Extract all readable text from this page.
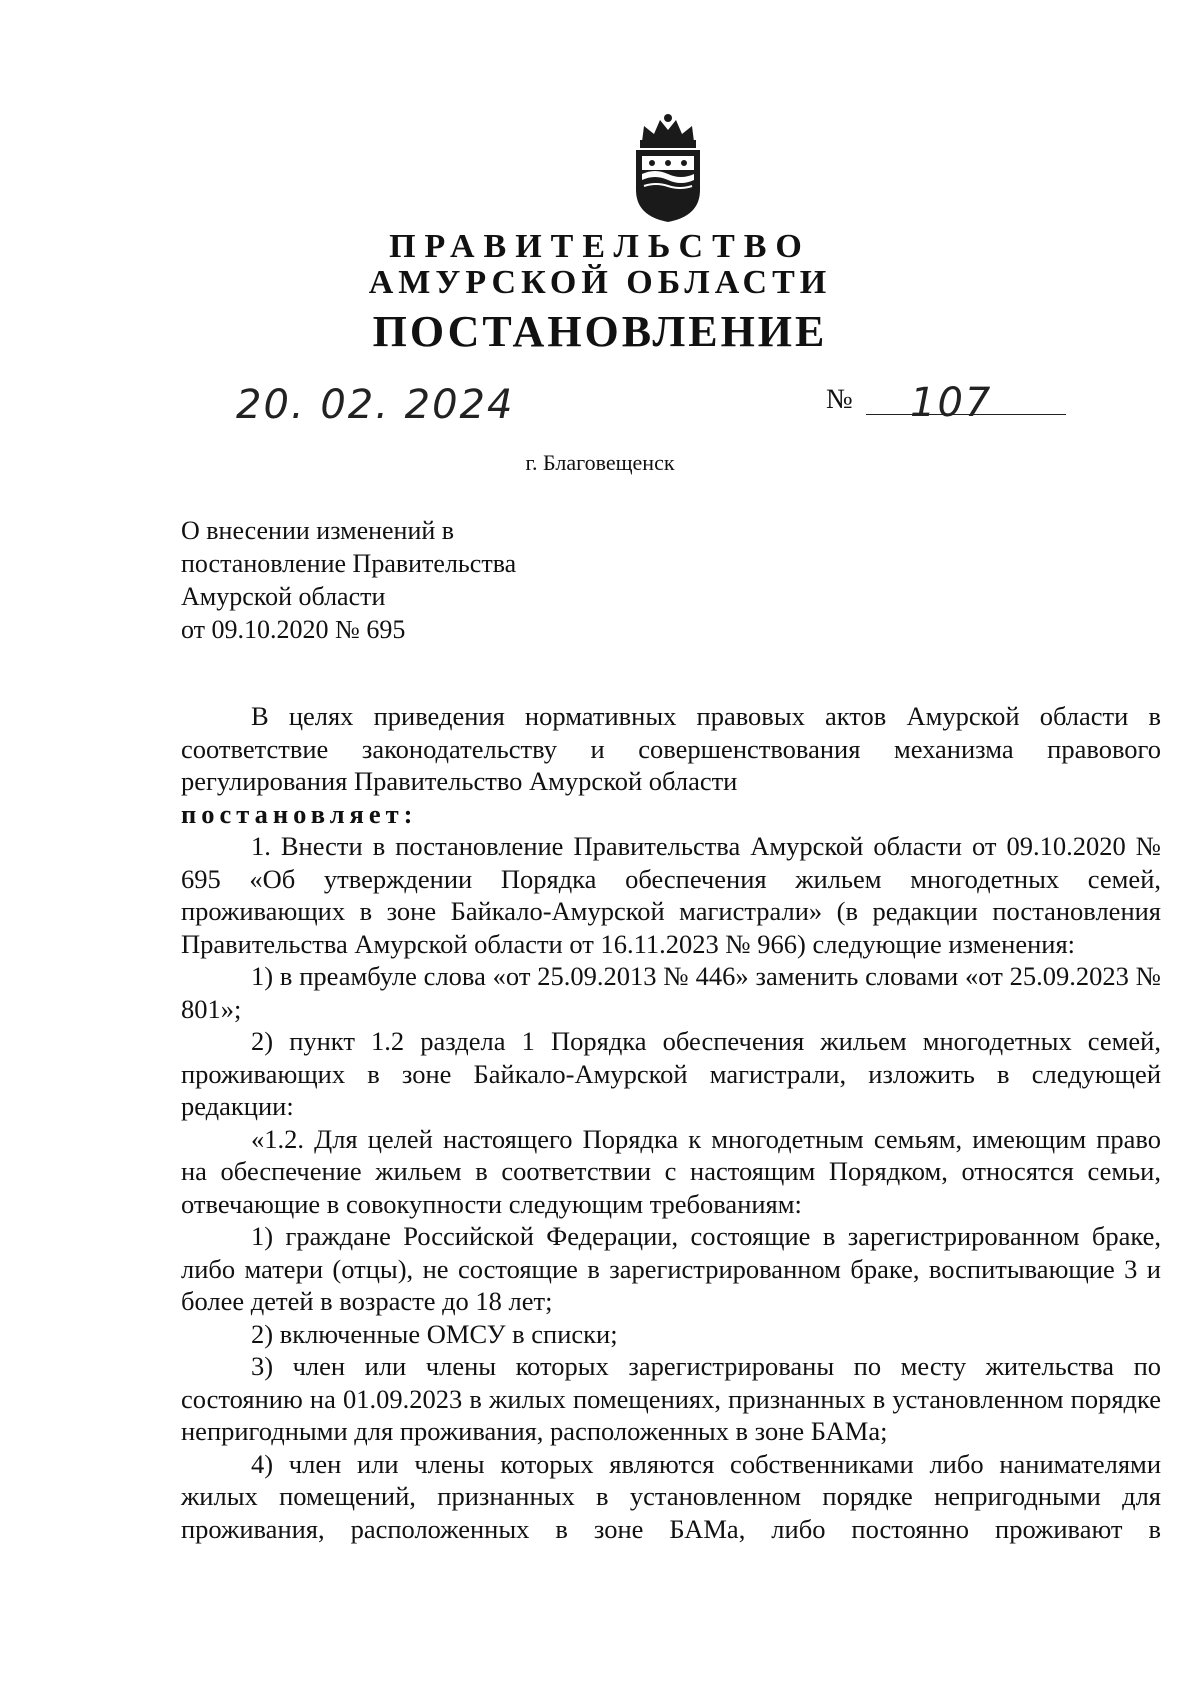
ПРАВИТЕЛЬСТВО
АМУРСКОЙ ОБЛАСТИ
ПОСТАНОВЛЕНИЕ
20. 02. 2024	№ 107
г. Благовещенск
О внесении изменений в
постановление Правительства
Амурской области
от 09.10.2020 № 695

В целях приведения нормативных правовых актов Амурской области в соответствие законодательству и совершенствования механизма правового регулирования Правительство Амурской области

постановляет:

1. Внести в постановление Правительства Амурской области от 09.10.2020 № 695 «Об утверждении Порядка обеспечения жильем многодетных семей, проживающих в зоне Байкало-Амурской магистрали» (в редакции постановления Правительства Амурской области от 16.11.2023 № 966) следующие изменения:

1) в преамбуле слова «от 25.09.2013 № 446» заменить словами «от 25.09.2023 № 801»;

2) пункт 1.2 раздела 1 Порядка обеспечения жильем многодетных семей, проживающих в зоне Байкало-Амурской магистрали, изложить в следующей редакции:

«1.2. Для целей настоящего Порядка к многодетным семьям, имеющим право на обеспечение жильем в соответствии с настоящим Порядком, относятся семьи, отвечающие в совокупности следующим требованиям:

1) граждане Российской Федерации, состоящие в зарегистрированном браке, либо матери (отцы), не состоящие в зарегистрированном браке, воспитывающие 3 и более детей в возрасте до 18 лет;

2) включенные ОМСУ в списки;

3) член или члены которых зарегистрированы по месту жительства по состоянию на 01.09.2023 в жилых помещениях, признанных в установленном порядке непригодными для проживания, расположенных в зоне БАМа;

4) член или члены которых являются собственниками либо нанимателями жилых помещений, признанных в установленном порядке непригодными для проживания, расположенных в зоне БАМа, либо постоянно проживают в
